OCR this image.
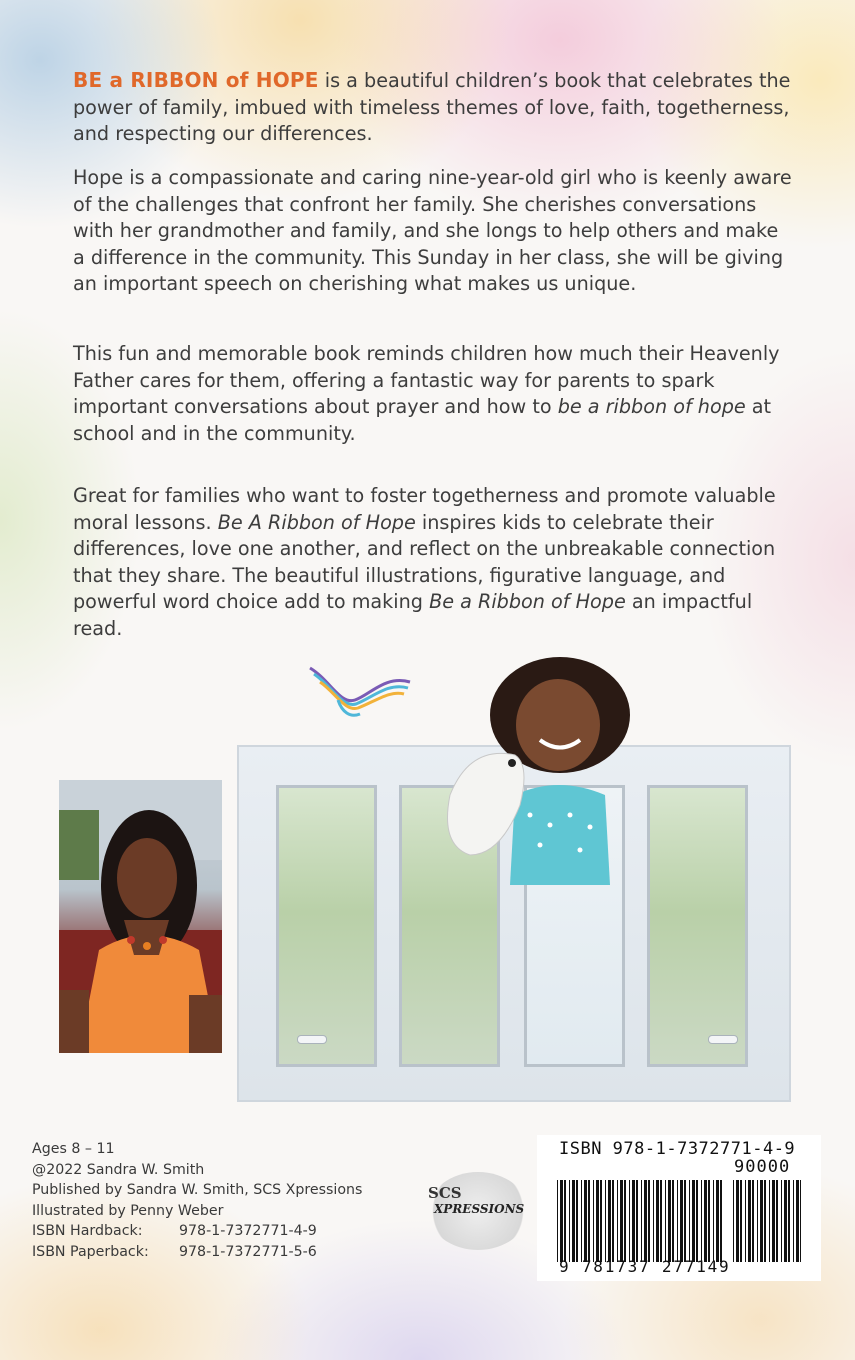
BE a RIBBON of HOPE is a beautiful children’s book that celebrates the power of family, imbued with timeless themes of love, faith, togetherness, and respecting our differences.

Hope is a compassionate and caring nine-year-old girl who is keenly aware of the challenges that confront her family. She cherishes conversations with her grandmother and family, and she longs to help others and make a difference in the community. This Sunday in her class, she will be giving an important speech on cherishing what makes us unique.

This fun and memorable book reminds children how much their Heavenly Father cares for them, offering a fantastic way for parents to spark important conversations about prayer and how to be a ribbon of hope at school and in the community.

Great for families who want to foster togetherness and promote valuable moral lessons. Be A Ribbon of Hope inspires kids to celebrate their differences, love one another, and reflect on the unbreakable connection that they share. The beautiful illustrations, figurative language, and powerful word choice add to making Be a Ribbon of Hope an impactful read.

Ages 8 – 11
@2022 Sandra W. Smith
Published by Sandra W. Smith, SCS Xpressions
Illustrated by Penny Weber
ISBN Hardback:	978-1-7372771-4-9
ISBN Paperback:	978-1-7372771-5-6
SCS
XPRESSIONS
ISBN 978-1-7372771-4-9
90000
9 781737 277149
